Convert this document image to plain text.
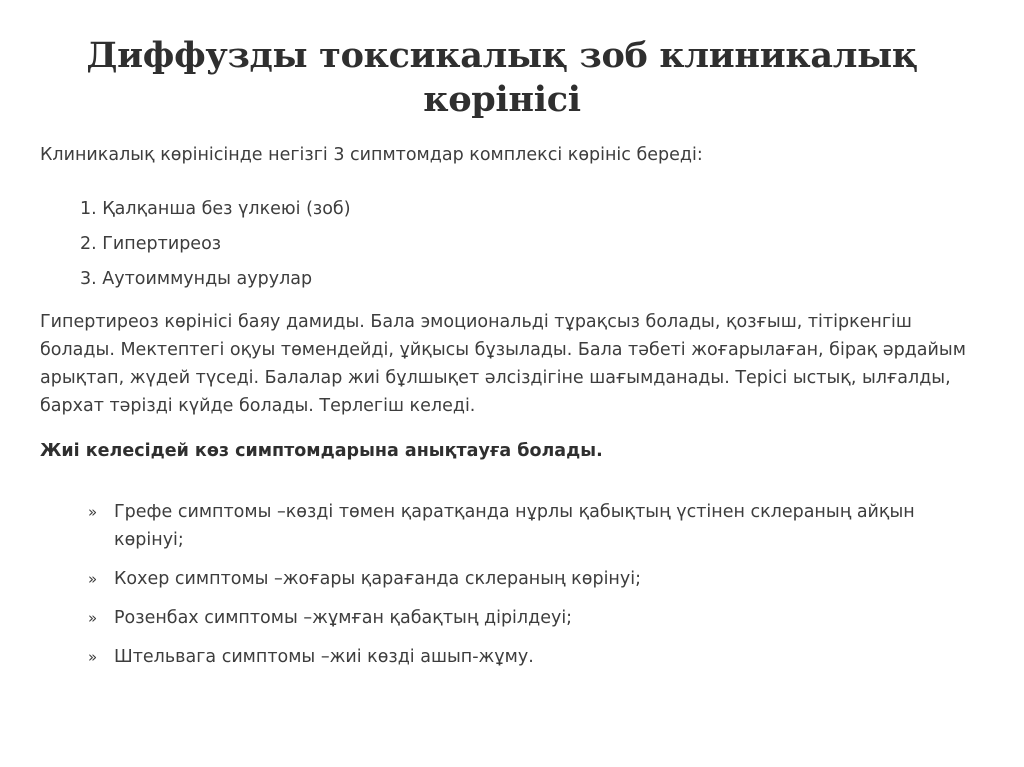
Диффузды токсикалық зоб клиникалық көрінісі

Клиникалық көрінісінде негізгі 3 сипмтомдар комплексі көрініс береді:

1. Қалқанша без үлкеюі (зоб)
2. Гипертиреоз
3. Аутоиммунды аурулар

Гипертиреоз көрінісі баяу дамиды. Бала эмоциональді тұрақсыз болады, қозғыш, тітіркенгіш болады. Мектептегі оқуы төмендейді, ұйқысы бұзылады. Бала тәбеті жоғарылаған, бірақ әрдайым арықтап, жүдей түседі. Балалар жиі бұлшықет әлсіздігіне шағымданады. Терісі ыстық, ылғалды, бархат тәрізді күйде болады. Терлегіш келеді.

Жиі келесідей көз симптомдарына анықтауға болады.

» Грефе симптомы –көзді төмен қаратқанда нұрлы қабықтың үстінен склераның айқын көрінуі;
» Кохер симптомы –жоғары қарағанда склераның көрінуі;
» Розенбах симптомы –жұмған қабақтың дірілдеуі;
» Штельвага симптомы –жиі көзді ашып-жұму.
